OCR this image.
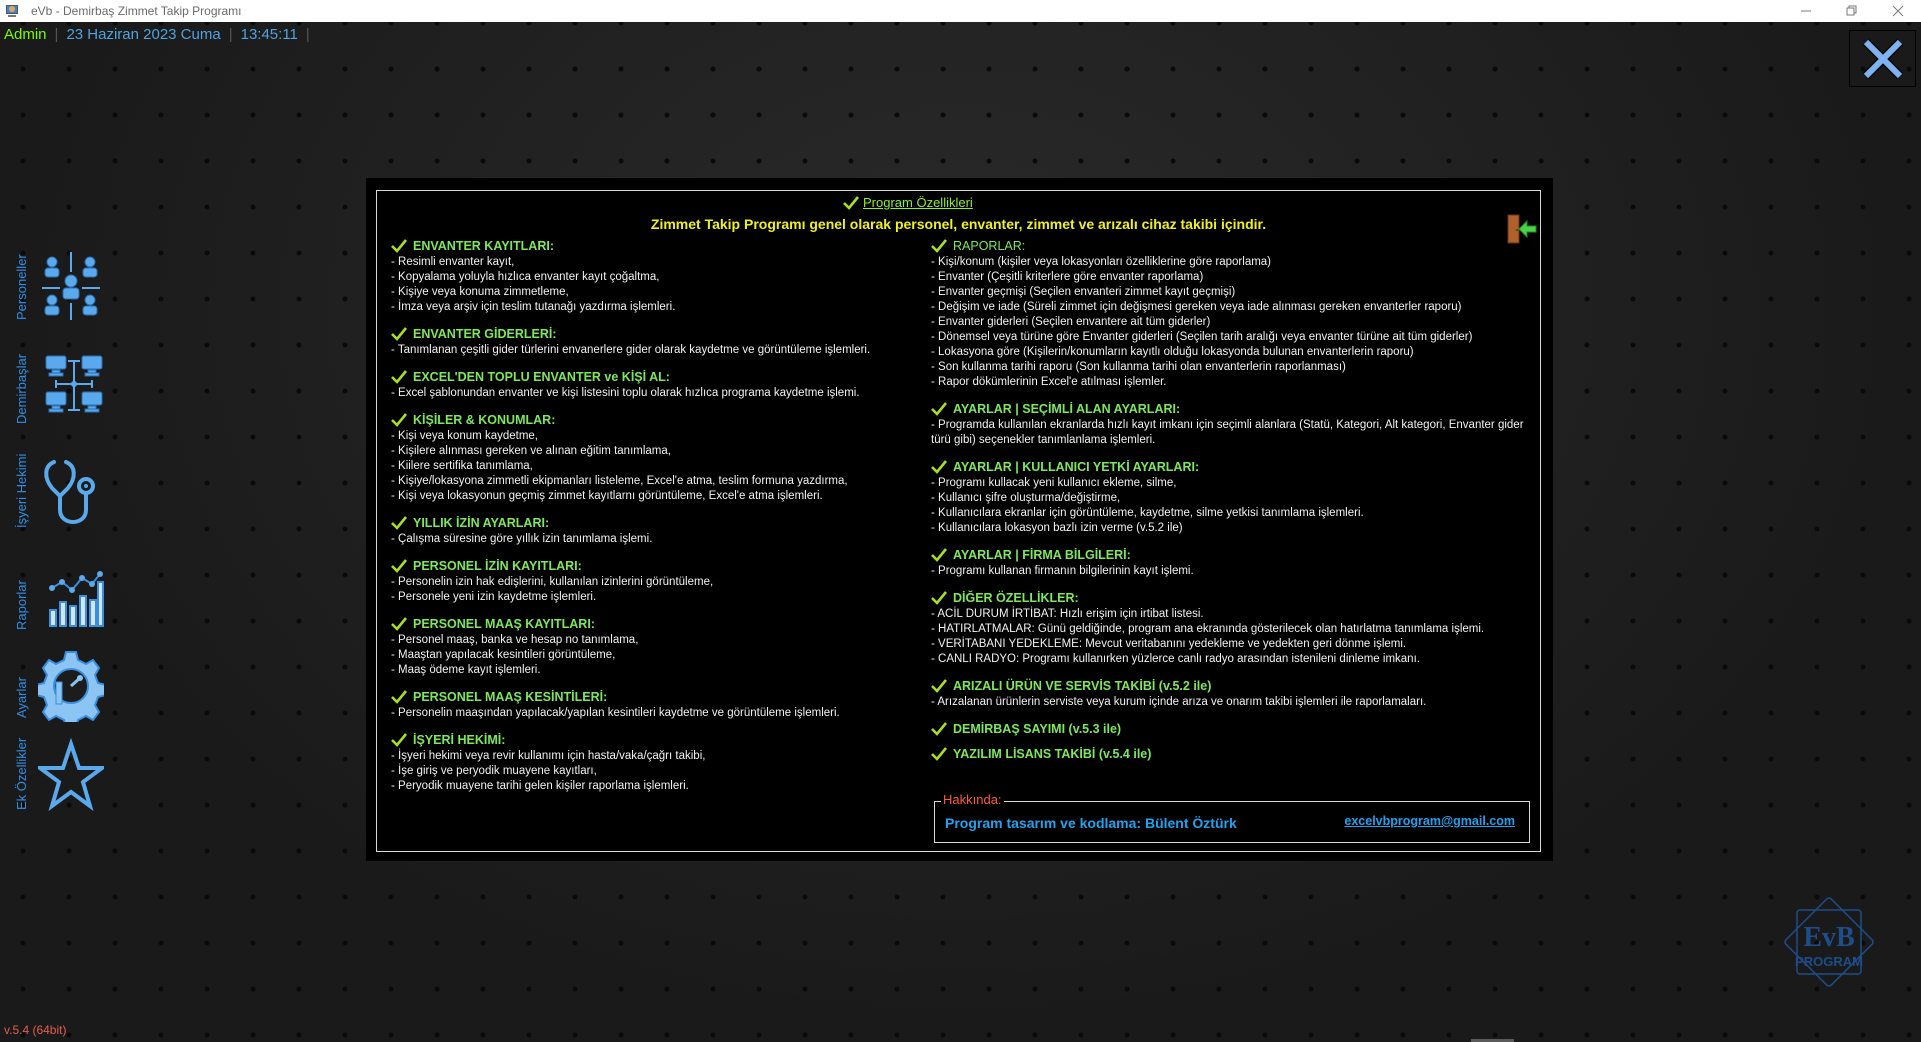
eVb - Demirbaş Zimmet Takip Programı
Admin | 23 Haziran 2023 Cuma | 13:45:11 |
Personeller
Demirbaşlar
İşyeri Hekimi
Raporlar
Ayarlar
Ek Özellikler
v.5.4 (64bit)
EvB
PROGRAM
Program Özellikleri
Zimmet Takip Programı genel olarak personel, envanter, zimmet ve arızalı cihaz takibi içindir.
ENVANTER KAYITLARI:
- Resimli envanter kayıt,
- Kopyalama yoluyla hızlıca envanter kayıt çoğaltma,
- Kişiye veya konuma zimmetleme,
- İmza veya arşiv için teslim tutanağı yazdırma işlemleri.
ENVANTER GİDERLERİ:
- Tanımlanan çeşitli gider türlerini envanerlere gider olarak kaydetme ve görüntüleme işlemleri.
EXCEL'DEN TOPLU ENVANTER ve KİŞİ AL:
- Excel şablonundan envanter ve kişi listesini toplu olarak hızlıca programa kaydetme işlemi.
KİŞİLER & KONUMLAR:
- Kişi veya konum kaydetme,
- Kişilere alınması gereken ve alınan eğitim tanımlama,
- Kiilere sertifika tanımlama,
- Kişiye/lokasyona zimmetli ekipmanları listeleme, Excel'e atma, teslim formuna yazdırma,
- Kişi veya lokasyonun geçmiş zimmet kayıtlarnı görüntüleme, Excel'e atma işlemleri.
YILLIK İZİN AYARLARI:
- Çalışma süresine göre yıllık izin tanımlama işlemi.
PERSONEL İZİN KAYITLARI:
- Personelin izin hak edişlerini, kullanılan izinlerini görüntüleme,
- Personele yeni izin kaydetme işlemleri.
PERSONEL MAAŞ KAYITLARI:
- Personel maaş, banka ve hesap no tanımlama,
- Maaştan yapılacak kesintileri görüntüleme,
- Maaş ödeme kayıt işlemleri.
PERSONEL MAAŞ KESİNTİLERİ:
- Personelin maaşından yapılacak/yapılan kesintileri kaydetme ve görüntüleme işlemleri.
İŞYERİ HEKİMİ:
- İşyeri hekimi veya revir kullanımı için hasta/vaka/çağrı takibi,
- İşe giriş ve peryodik muayene kayıtları,
- Peryodik muayene tarihi gelen kişiler raporlama işlemleri.
RAPORLAR:
- Kişi/konum (kişiler veya lokasyonları özelliklerine göre raporlama)
- Envanter (Çeşitli kriterlere göre envanter raporlama)
- Envanter geçmişi (Seçilen envanteri zimmet kayıt geçmişi)
- Değişim ve iade (Süreli zimmet için değişmesi gereken veya iade alınması gereken envanterler raporu)
- Envanter giderleri (Seçilen envantere ait tüm giderler)
- Dönemsel veya türüne göre Envanter giderleri (Seçilen tarih aralığı veya envanter türüne ait tüm giderler)
- Lokasyona göre (Kişilerin/konumların kayıtlı olduğu lokasyonda bulunan envanterlerin raporu)
- Son kullanma tarihi raporu (Son kullanma tarihi olan envanterlerin raporlanması)
- Rapor dökümlerinin Excel'e atılması işlemler.
AYARLAR | SEÇİMLİ ALAN AYARLARI:
- Programda kullanılan ekranlarda hızlı kayıt imkanı için seçimli alanlara (Statü, Kategori, Alt kategori, Envanter gider türü gibi) seçenekler tanımlanlama işlemleri.
AYARLAR | KULLANICI YETKİ AYARLARI:
- Programı kullacak yeni kullanıcı ekleme, silme,
- Kullanıcı şifre oluşturma/değiştirme,
- Kullanıcılara ekranlar için görüntüleme, kaydetme, silme yetkisi tanımlama işlemleri.
- Kullanıcılara lokasyon bazlı izin verme (v.5.2 ile)
AYARLAR | FİRMA BİLGİLERİ:
- Programı kullanan firmanın bilgilerinin kayıt işlemi.
DİĞER ÖZELLİKLER:
- ACİL DURUM İRTİBAT: Hızlı erişim için irtibat listesi.
- HATIRLATMALAR: Günü geldiğinde, program ana ekranında gösterilecek olan hatırlatma tanımlama işlemi.
- VERİTABANI YEDEKLEME: Mevcut veritabanını yedekleme ve yedekten geri dönme işlemi.
- CANLI RADYO: Programı kullanırken yüzlerce canlı radyo arasından istenileni dinleme imkanı.
ARIZALI ÜRÜN VE SERVİS TAKİBİ (v.5.2 ile)
- Arızalanan ürünlerin serviste veya kurum içinde arıza ve onarım takibi işlemleri ile raporlamaları.
DEMİRBAŞ SAYIMI (v.5.3 ile)
YAZILIM LİSANS TAKİBİ (v.5.4 ile)
Hakkında:
Program tasarım ve kodlama: Bülent Öztürk	excelvbprogram@gmail.com
